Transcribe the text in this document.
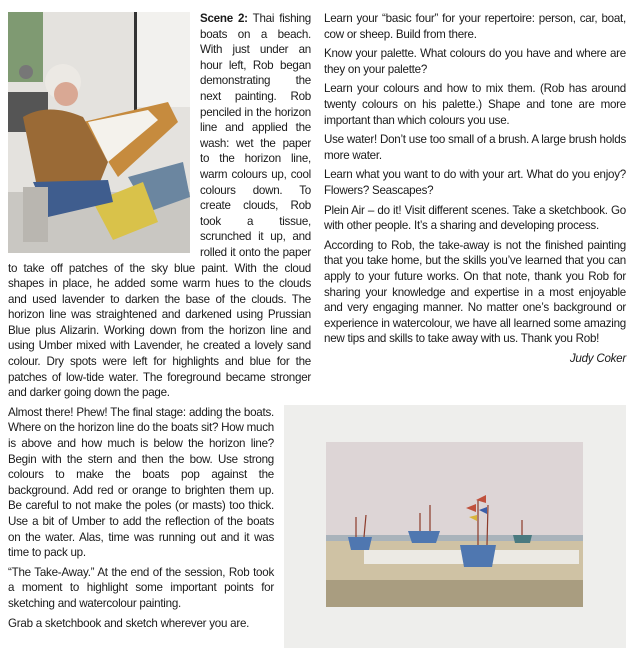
Scene 2: Thai fishing boats on a beach. With just under an hour left, Rob began demonstrating the next painting. Rob penciled in the horizon line and applied the wash: wet the paper to the horizon line, warm colours up, cool colours down. To create clouds, Rob took a tissue, scrunched it up, and rolled it onto the paper to take off patches of the sky blue paint. With the cloud shapes in place, he added some warm hues to the clouds and used lavender to darken the base of the clouds. The horizon line was straightened and darkened using Prussian Blue plus Alizarin. Working down from the horizon line and using Umber mixed with Lavender, he created a lovely sand colour. Dry spots were left for highlights and blue for the patches of low-tide water. The foreground became stronger and darker going down the page.

Almost there! Phew! The final stage: adding the boats. Where on the horizon line do the boats sit? How much is above and how much is below the horizon line? Begin with the stern and then the bow. Use strong colours to make the boats pop against the background. Add red or orange to brighten them up. Be careful to not make the poles (or masts) too thick. Use a bit of Umber to add the reflection of the boats on the water. Alas, time was running out and it was time to pack up.

“The Take-Away.” At the end of the session, Rob took a moment to highlight some important points for sketching and watercolour painting.

Grab a sketchbook and sketch wherever you are.

Learn your “basic four” for your repertoire: person, car, boat, cow or sheep. Build from there.

Know your palette. What colours do you have and where are they on your palette?

Learn your colours and how to mix them. (Rob has around twenty colours on his palette.) Shape and tone are more important than which colours you use.

Use water! Don’t use too small of a brush. A large brush holds more water.

Learn what you want to do with your art. What do you enjoy? Flowers? Seascapes?

Plein Air – do it! Visit different scenes. Take a sketchbook. Go with other people. It’s a sharing and developing process.

According to Rob, the take-away is not the finished painting that you take home, but the skills you’ve learned that you can apply to your future works. On that note, thank you Rob for sharing your knowledge and expertise in a most enjoyable and very engaging manner. No matter one’s background or experience in watercolour, we have all learned some amazing new tips and skills to take away with us. Thank you Rob!

Judy Coker
